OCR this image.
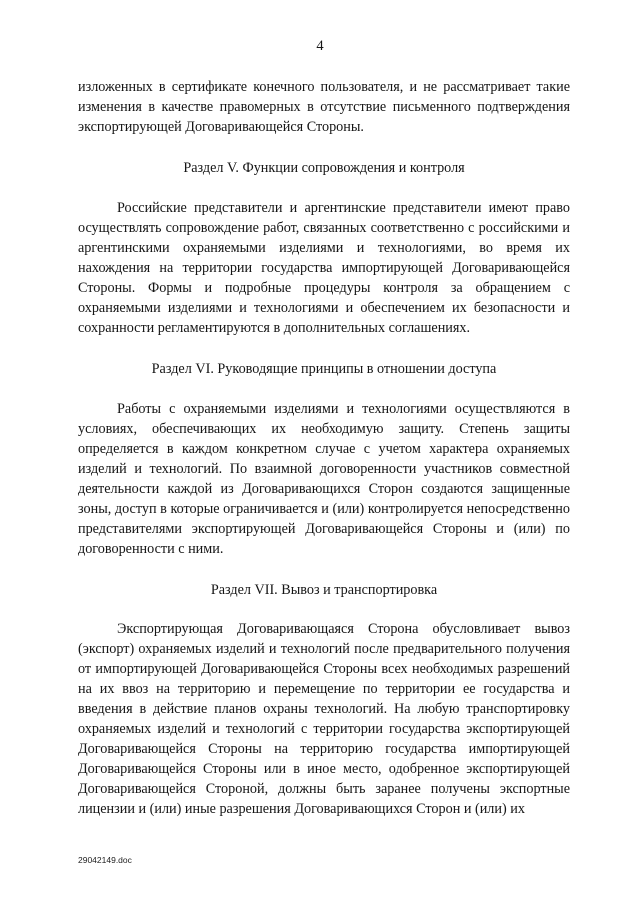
4

изложенных в сертификате конечного пользователя, и не рассматривает такие изменения в качестве правомерных в отсутствие письменного подтверждения экспортирующей Договаривающейся Стороны.

Раздел V. Функции сопровождения и контроля

Российские представители и аргентинские представители имеют право осуществлять сопровождение работ, связанных соответственно с российскими и аргентинскими охраняемыми изделиями и технологиями, во время их нахождения на территории государства импортирующей Договаривающейся Стороны. Формы и подробные процедуры контроля за обращением с охраняемыми изделиями и технологиями и обеспечением их безопасности и сохранности регламентируются в дополнительных соглашениях.

Раздел VI. Руководящие принципы в отношении доступа

Работы с охраняемыми изделиями и технологиями осуществляются в условиях, обеспечивающих их необходимую защиту. Степень защиты определяется в каждом конкретном случае с учетом характера охраняемых изделий и технологий. По взаимной договоренности участников совместной деятельности каждой из Договаривающихся Сторон создаются защищенные зоны, доступ в которые ограничивается и (или) контролируется непосредственно представителями экспортирующей Договаривающейся Стороны и (или) по договоренности с ними.

Раздел VII. Вывоз и транспортировка

Экспортирующая Договаривающаяся Сторона обусловливает вывоз (экспорт) охраняемых изделий и технологий после предварительного получения от импортирующей Договаривающейся Стороны всех необходимых разрешений на их ввоз на территорию и перемещение по территории ее государства и введения в действие планов охраны технологий. На любую транспортировку охраняемых изделий и технологий с территории государства экспортирующей Договаривающейся Стороны на территорию государства импортирующей Договаривающейся Стороны или в иное место, одобренное экспортирующей Договаривающейся Стороной, должны быть заранее получены экспортные лицензии и (или) иные разрешения Договаривающихся Сторон и (или) их

29042149.doc
